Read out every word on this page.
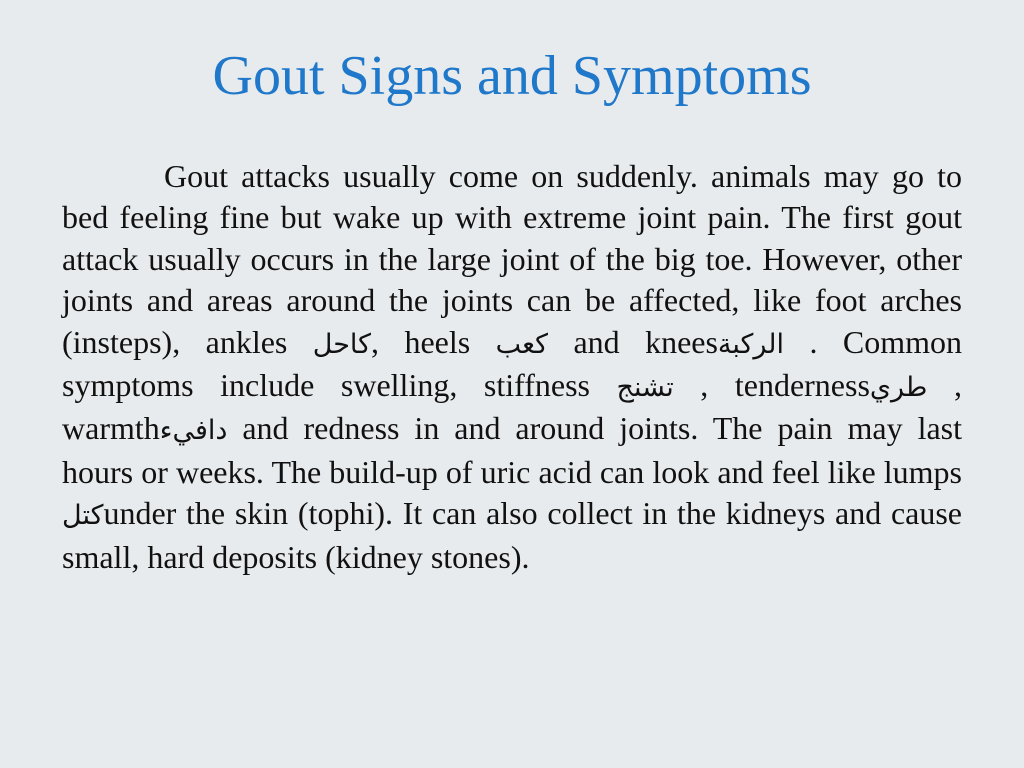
Gout Signs and Symptoms

Gout attacks usually come on suddenly. animals may go to bed feeling fine but wake up with extreme joint pain. The first gout attack usually occurs in the large joint of the big toe. However, other joints and areas around the joints can be affected, like foot arches (insteps), ankles كاحل, heels كعب and kneesالركبة . Common symptoms include swelling, stiffness تشنج , tendernessطري , warmthدافيء and redness in and around joints. The pain may last hours or weeks. The build-up of uric acid can look and feel like lumps كتلunder the skin (tophi). It can also collect in the kidneys and cause small, hard deposits (kidney stones).
